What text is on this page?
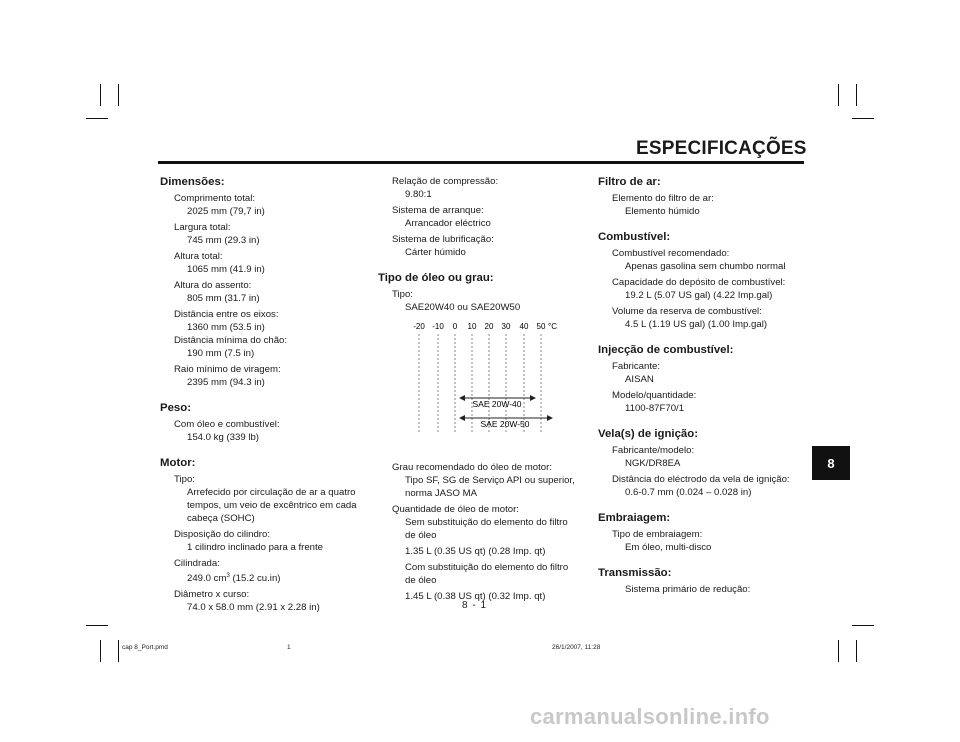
ESPECIFICAÇÕES
Dimensões:
Comprimento total:
2025 mm (79,7 in)
Largura total:
745 mm (29.3 in)
Altura total:
1065 mm (41.9 in)
Altura do assento:
805 mm (31.7 in)
Distância entre os eixos:
1360 mm (53.5 in)
Distância mínima do chão:
190 mm (7.5 in)
Raio mínimo de viragem:
2395 mm (94.3 in)
Peso:
Com óleo e combustível:
154.0 kg (339 lb)
Motor:
Tipo:
Arrefecido por circulação de ar a quatro
tempos, um veio de excêntrico em cada
cabeça (SOHC)
Disposição do cilindro:
1 cilindro inclinado para a frente
Cilindrada:
249.0 $cm^3$ (15.2 cu.in)
Diâmetro x curso:
74.0 x 58.0 mm (2.91 x 2.28 in)
Relação de compressão:
9.80:1
Sistema de arranque:
Arrancador eléctrico
Sistema de lubrificação:
Cárter húmido
Tipo de óleo ou grau:
Tipo:
SAE20W40 ou SAE20W50
-20 -10 0 10 20 30 40 50 °C
SAE 20W-40
SAE 20W-50
Grau recomendado do óleo de motor:
Tipo SF, SG de Serviço API ou superior,
norma JASO MA
Quantidade de óleo de motor:
Sem substituição do elemento do filtro
de óleo
1.35 L (0.35 US qt) (0.28 Imp. qt)
Com substituição do elemento do filtro
de óleo
1.45 L (0.38 US qt) (0.32 Imp. qt)
Filtro de ar:
Elemento do filtro de ar:
Elemento húmido
Combustível:
Combustível recomendado:
Apenas gasolina sem chumbo normal
Capacidade do depósito de combustível:
19.2 L (5.07 US gal) (4.22 Imp.gal)
Volume da reserva de combustível:
4.5 L (1.19 US gal) (1.00 Imp.gal)
Injecção de combustível:
Fabricante:
AISAN
Modelo/quantidade:
1100-87F70/1
Vela(s) de ignição:
Fabricante/modelo:
NGK/DR8EA
Distância do eléctrodo da vela de ignição:
0.6-0.7 mm (0.024 – 0.028 in)
Embraiagem:
Tipo de embraiagem:
Em óleo, multi-disco
Transmissão:
Sistema primário de redução:
8
8 - 1
cap 8_Port.pmd	1	26/1/2007, 11:28
carmanualsonline.info
